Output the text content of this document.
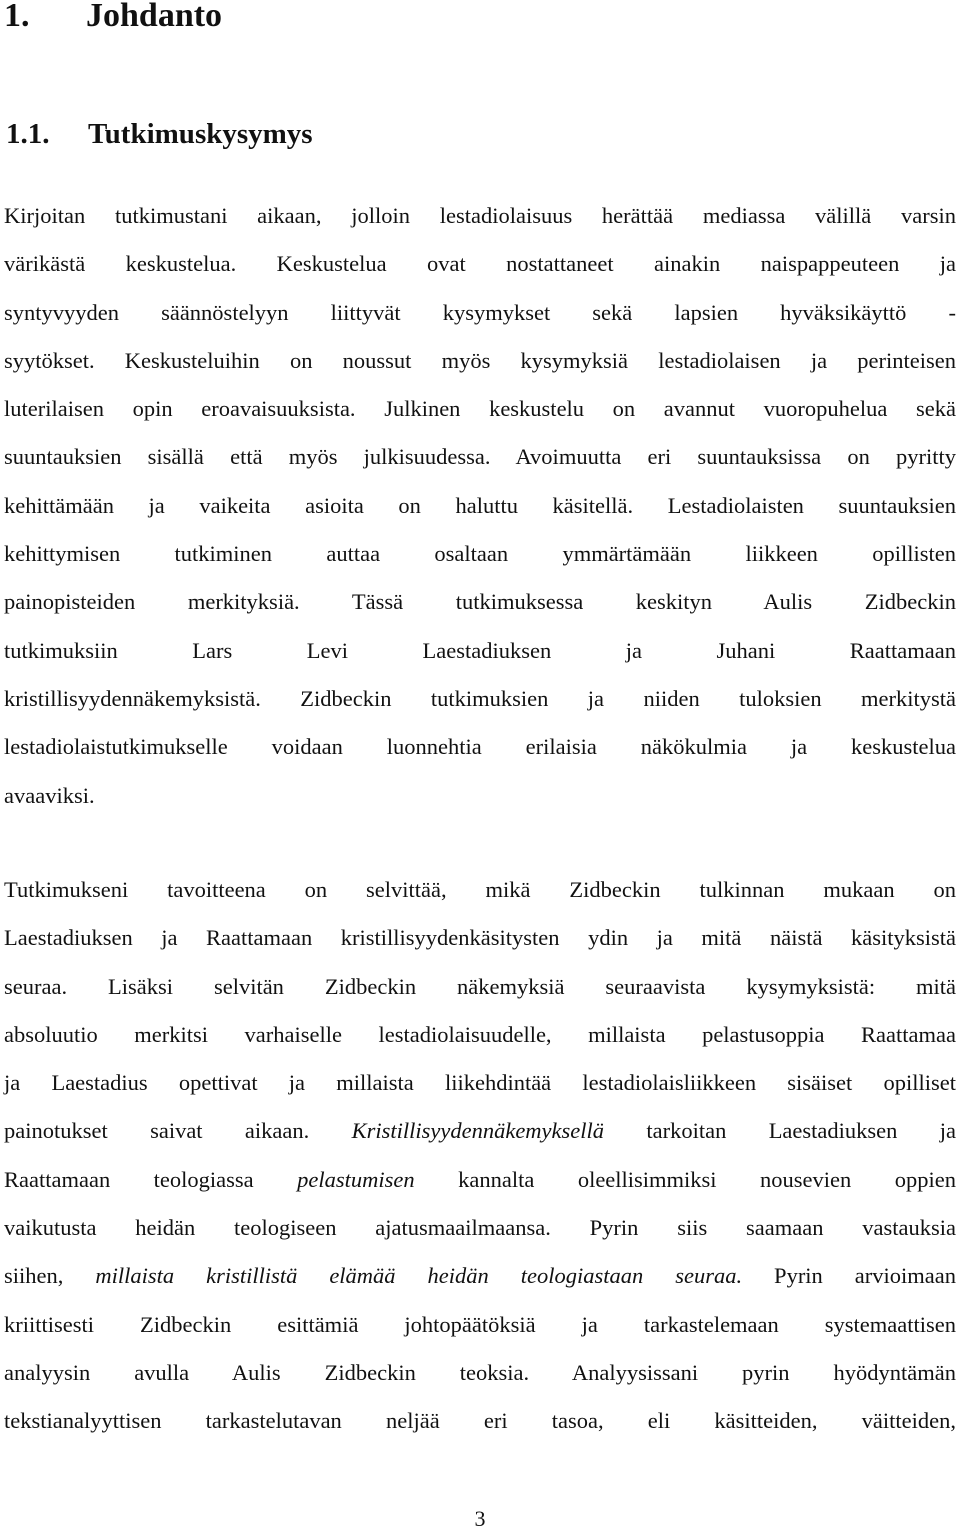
1. Johdanto
1.1. Tutkimuskysymys
Kirjoitan tutkimustani aikaan, jolloin lestadiolaisuus herättää mediassa välillä varsin
värikästä keskustelua. Keskustelua ovat nostattaneet ainakin naispappeuteen ja
syntyvyyden säännöstelyyn liittyvät kysymykset sekä lapsien hyväksikäyttö -
syytökset. Keskusteluihin on noussut myös kysymyksiä lestadiolaisen ja perinteisen
luterilaisen opin eroavaisuuksista. Julkinen keskustelu on avannut vuoropuhelua sekä
suuntauksien sisällä että myös julkisuudessa. Avoimuutta eri suuntauksissa on pyritty
kehittämään ja vaikeita asioita on haluttu käsitellä. Lestadiolaisten suuntauksien
kehittymisen tutkiminen auttaa osaltaan ymmärtämään liikkeen opillisten
painopisteiden merkityksiä. Tässä tutkimuksessa keskityn Aulis Zidbeckin
tutkimuksiin Lars Levi Laestadiuksen ja Juhani Raattamaan
kristillisyydennäkemyksistä. Zidbeckin tutkimuksien ja niiden tuloksien merkitystä
lestadiolaistutkimukselle voidaan luonnehtia erilaisia näkökulmia ja keskustelua
avaaviksi.
Tutkimukseni tavoitteena on selvittää, mikä Zidbeckin tulkinnan mukaan on
Laestadiuksen ja Raattamaan kristillisyydenkäsitysten ydin ja mitä näistä käsityksistä
seuraa. Lisäksi selvitän Zidbeckin näkemyksiä seuraavista kysymyksistä: mitä
absoluutio merkitsi varhaiselle lestadiolaisuudelle, millaista pelastusoppia Raattamaa
ja Laestadius opettivat ja millaista liikehdintää lestadiolaisliikkeen sisäiset opilliset
painotukset saivat aikaan. Kristillisyydennäkemyksellä tarkoitan Laestadiuksen ja
Raattamaan teologiassa pelastumisen kannalta oleellisimmiksi nousevien oppien
vaikutusta heidän teologiseen ajatusmaailmaansa. Pyrin siis saamaan vastauksia
siihen, millaista kristillistä elämää heidän teologiastaan seuraa. Pyrin arvioimaan
kriittisesti Zidbeckin esittämiä johtopäätöksiä ja tarkastelemaan systemaattisen
analyysin avulla Aulis Zidbeckin teoksia. Analyysissani pyrin hyödyntämän
tekstianalyyttisen tarkastelutavan neljää eri tasoa, eli käsitteiden, väitteiden,

3
